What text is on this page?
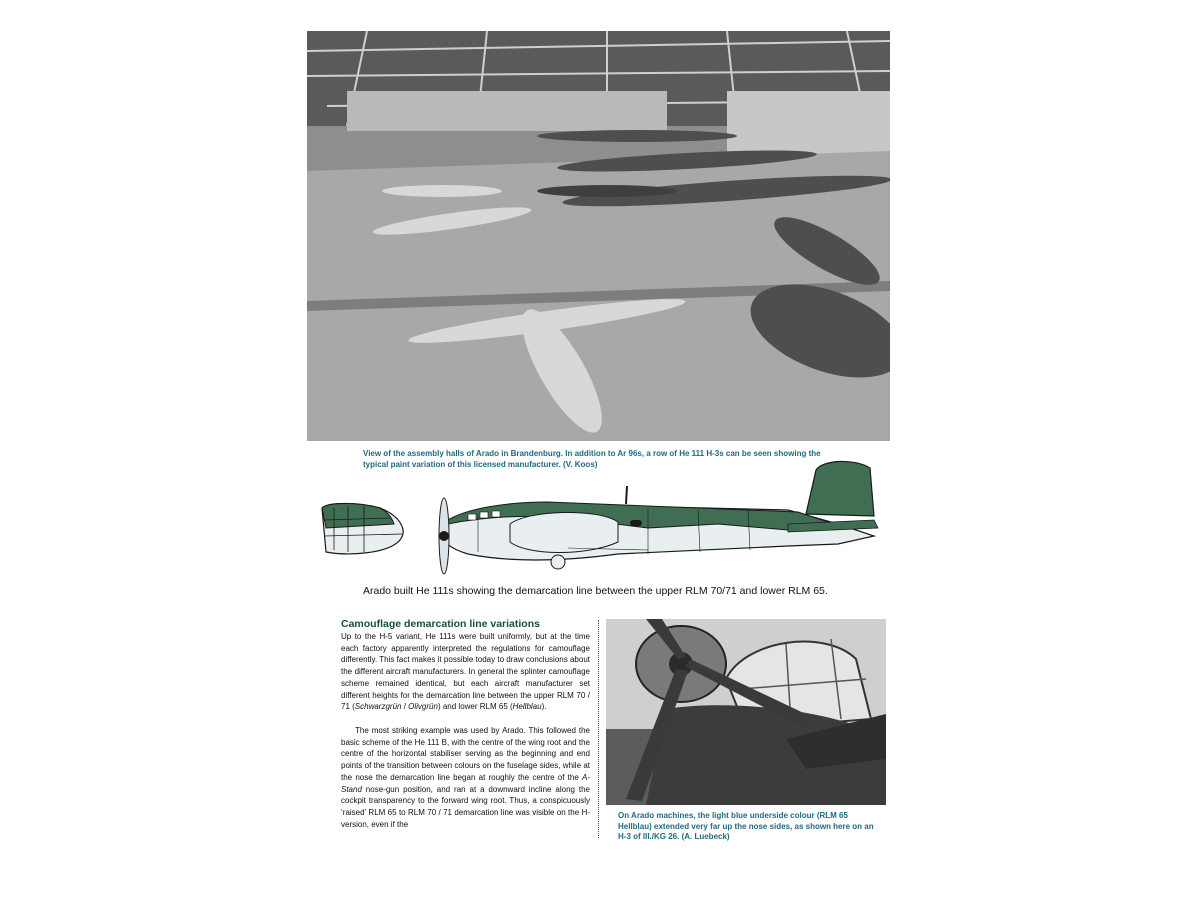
View of the assembly halls of Arado in Brandenburg. In addition to Ar 96s, a row of He 111 H-3s can be seen showing the typical paint variation of this licensed manufacturer. (V. Koos)
Arado built He 111s showing the demarcation line between the upper RLM 70/71 and lower RLM 65.
Camouflage demarcation line variations

Up to the H-5 variant, He 111s were built uniformly, but at the time each factory apparently interpreted the regulations for camouflage differently. This fact makes it possible today to draw conclusions about the different aircraft manufacturers. In general the splinter camouflage scheme remained identical, but each aircraft manufacturer set different heights for the demarcation line between the upper RLM 70 / 71 (Schwarzgrün / Olivgrün) and lower RLM 65 (Hellblau).

The most striking example was used by Arado. This followed the basic scheme of the He 111 B, with the centre of the wing root and the centre of the horizontal stabiliser serving as the beginning and end points of the transition between colours on the fuselage sides, while at the nose the demarcation line began at roughly the centre of the A-Stand nose-gun position, and ran at a downward incline along the cockpit transparency to the forward wing root. Thus, a conspicuously ‘raised’ RLM 65 to RLM 70 / 71 demarcation line was visible on the H-version, even if the

On Arado machines, the light blue underside colour (RLM 65 Hellblau) extended very far up the nose sides, as shown here on an H-3 of III./KG 26. (A. Luebeck)
